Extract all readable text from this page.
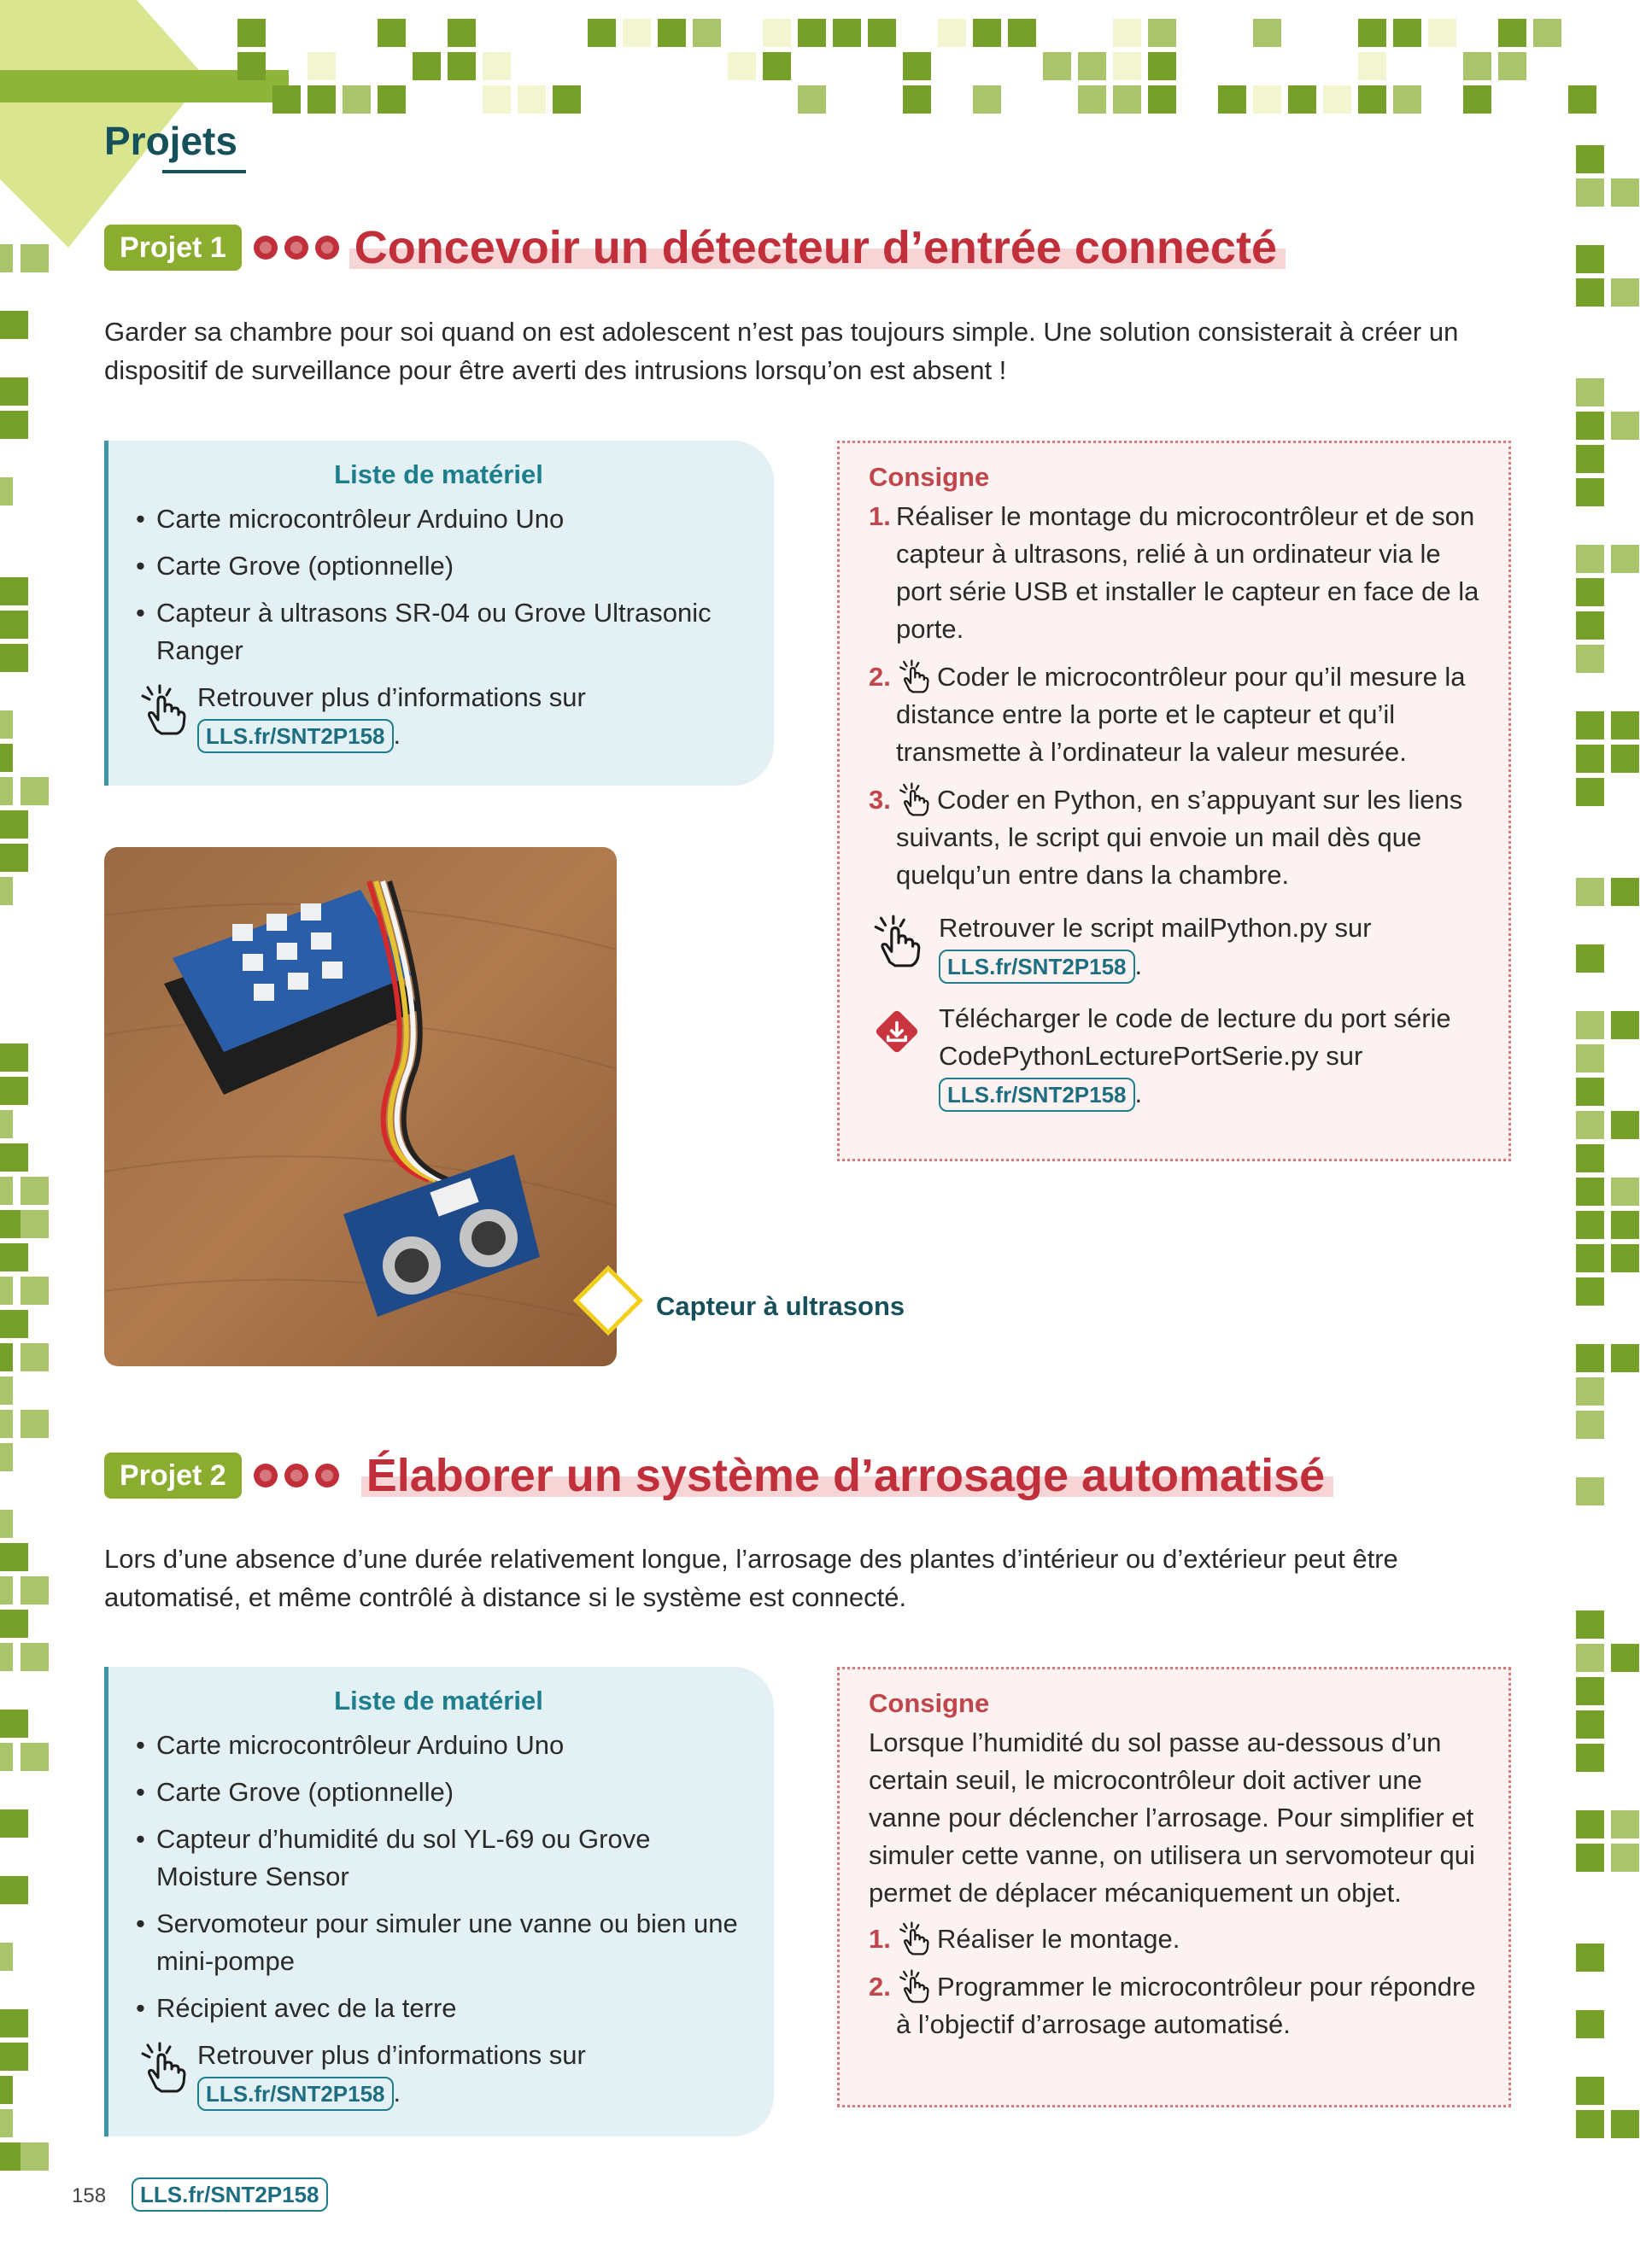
Projets
Projet 1	Concevoir un détecteur d’entrée connecté

Garder sa chambre pour soi quand on est adolescent n’est pas toujours simple. Une solution consisterait à créer un dispositif de surveillance pour être averti des intrusions lorsqu’on est absent !

Liste de matériel

• Carte microcontrôleur Arduino Uno
• Carte Grove (optionnelle)
• Capteur à ultrasons SR-04 ou Grove Ultrasonic Ranger
Retrouver plus d’informations sur
LLS.fr/SNT2P158 .

Consigne

1. Réaliser le montage du microcontrôleur et de son capteur à ultrasons, relié à un ordinateur via le port série USB et installer le capteur en face de la porte.
2. Coder le microcontrôleur pour qu’il mesure la distance entre la porte et le capteur et qu’il transmette à l’ordinateur la valeur mesurée.
3. Coder en Python, en s’appuyant sur les liens suivants, le script qui envoie un mail dès que quelqu’un entre dans la chambre.
Retrouver le script mailPython.py sur
LLS.fr/SNT2P158 .
Télécharger le code de lecture du port série CodePythonLecturePortSerie.py sur
LLS.fr/SNT2P158 .
Capteur à ultrasons
Projet 2	Élaborer un système d’arrosage automatisé

Lors d’une absence d’une durée relativement longue, l’arrosage des plantes d’intérieur ou d’extérieur peut être automatisé, et même contrôlé à distance si le système est connecté.

Liste de matériel

• Carte microcontrôleur Arduino Uno
• Carte Grove (optionnelle)
• Capteur d’humidité du sol YL-69 ou Grove Moisture Sensor
• Servomoteur pour simuler une vanne ou bien une mini-pompe
• Récipient avec de la terre
Retrouver plus d’informations sur
LLS.fr/SNT2P158 .

Consigne

Lorsque l’humidité du sol passe au-dessous d’un certain seuil, le microcontrôleur doit activer une vanne pour déclencher l’arrosage. Pour simplifier et simuler cette vanne, on utilisera un servomoteur qui permet de déplacer mécaniquement un objet.

1. Réaliser le montage.
2. Programmer le microcontrôleur pour répondre à l’objectif d’arrosage automatisé.
158	LLS.fr/SNT2P158
